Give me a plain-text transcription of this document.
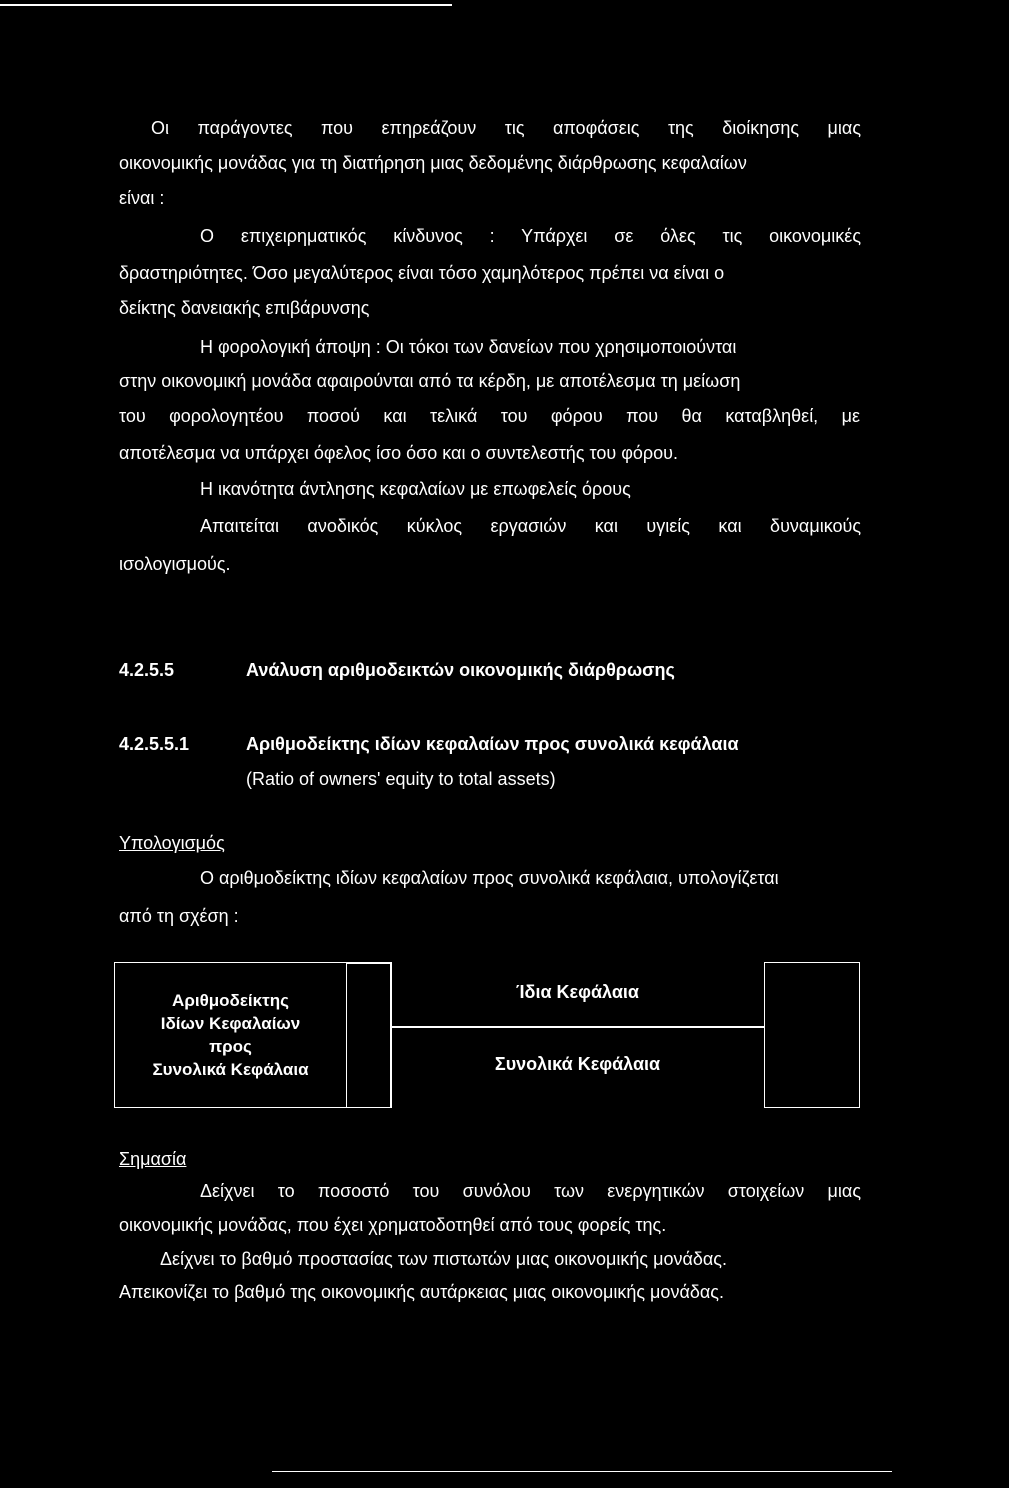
Οι παράγοντες που επηρεάζουν τις αποφάσεις της διοίκησης μιας
οικονομικής μονάδας για τη διατήρηση μιας δεδομένης διάρθρωσης κεφαλαίων
είναι :
Ο επιχειρηματικός κίνδυνος : Υπάρχει σε όλες τις οικονομικές
δραστηριότητες. Όσο μεγαλύτερος είναι τόσο χαμηλότερος πρέπει να είναι ο
δείκτης δανειακής επιβάρυνσης
Η φορολογική άποψη : Οι τόκοι των δανείων που χρησιμοποιούνται
στην οικονομική μονάδα αφαιρούνται από τα κέρδη, με αποτέλεσμα τη μείωση
του φορολογητέου ποσού και τελικά του φόρου που θα καταβληθεί, με
αποτέλεσμα να υπάρχει όφελος ίσο όσο και ο συντελεστής του φόρου.
Η ικανότητα άντλησης κεφαλαίων με επωφελείς όρους
Απαιτείται ανοδικός κύκλος εργασιών και υγιείς και δυναμικούς
ισολογισμούς.
4.2.5.5	Ανάλυση αριθμοδεικτών οικονομικής διάρθρωσης
4.2.5.5.1	Αριθμοδείκτης ιδίων κεφαλαίων προς συνολικά κεφάλαια
(Ratio of owners' equity to total assets)
Υπολογισμός
Ο αριθμοδείκτης ιδίων κεφαλαίων προς συνολικά κεφάλαια, υπολογίζεται
από τη σχέση :
Αριθμοδείκτης
Ιδίων Κεφαλαίων
προς
Συνολικά Κεφάλαια
Ίδια Κεφάλαια
Συνολικά Κεφάλαια
Σημασία
Δείχνει το ποσοστό του συνόλου των ενεργητικών στοιχείων μιας
οικονομικής μονάδας, που έχει χρηματοδοτηθεί από τους φορείς της.
Δείχνει το βαθμό προστασίας των πιστωτών μιας οικονομικής μονάδας.
Απεικονίζει το βαθμό της οικονομικής αυτάρκειας μιας οικονομικής μονάδας.
